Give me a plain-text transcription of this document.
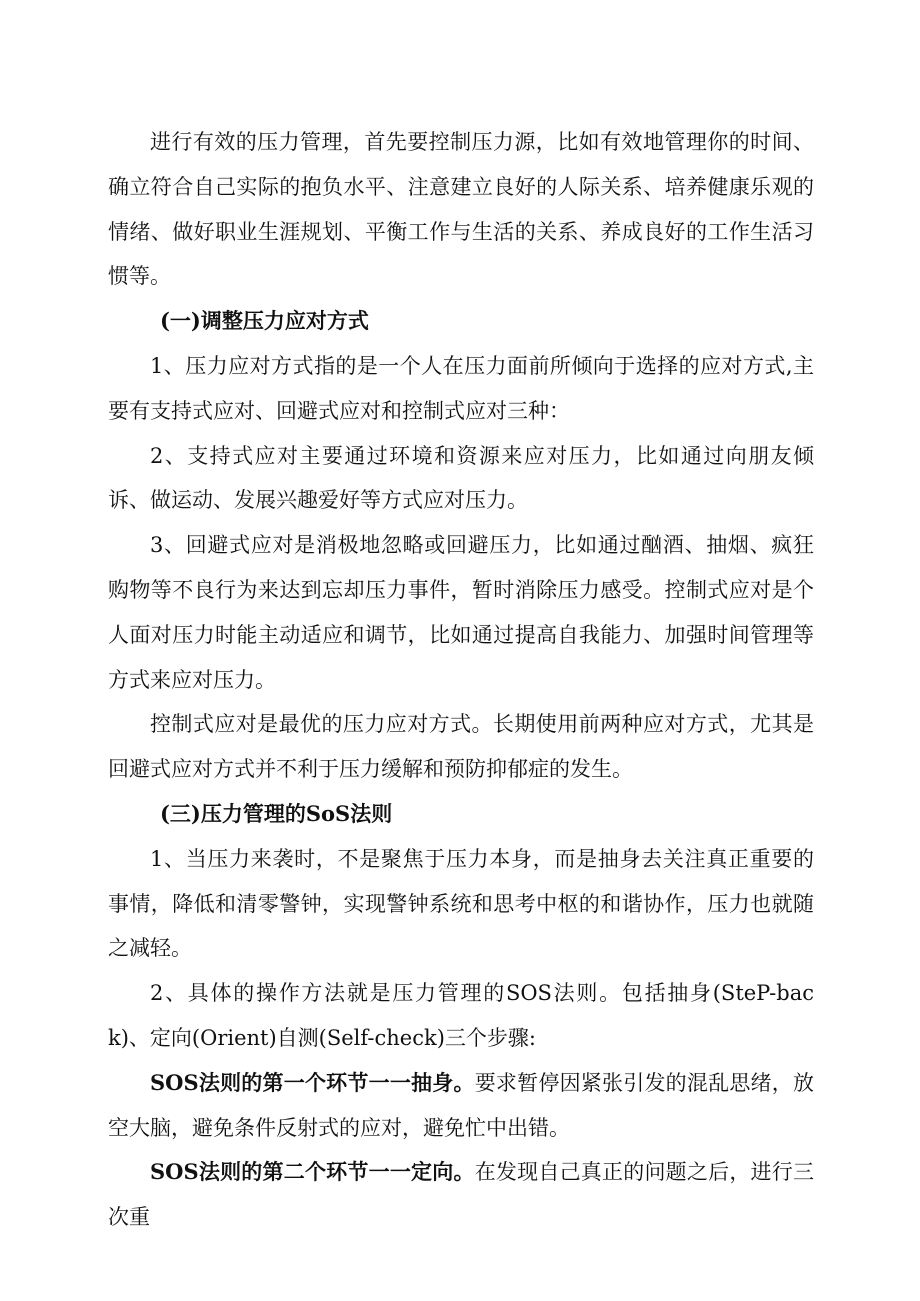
进行有效的压力管理，首先要控制压力源，比如有效地管理你的时间、确立符合自己实际的抱负水平、注意建立良好的人际关系、培养健康乐观的情绪、做好职业生涯规划、平衡工作与生活的关系、养成良好的工作生活习惯等。

(一)调整压力应对方式

1、压力应对方式指的是一个人在压力面前所倾向于选择的应对方式,主要有支持式应对、回避式应对和控制式应对三种：

2、支持式应对主要通过环境和资源来应对压力，比如通过向朋友倾诉、做运动、发展兴趣爱好等方式应对压力。

3、回避式应对是消极地忽略或回避压力，比如通过酗酒、抽烟、疯狂购物等不良行为来达到忘却压力事件，暂时消除压力感受。控制式应对是个人面对压力时能主动适应和调节，比如通过提高自我能力、加强时间管理等方式来应对压力。

控制式应对是最优的压力应对方式。长期使用前两种应对方式，尤其是回避式应对方式并不利于压力缓解和预防抑郁症的发生。

(三)压力管理的SoS法则

1、当压力来袭时，不是聚焦于压力本身，而是抽身去关注真正重要的事情，降低和清零警钟，实现警钟系统和思考中枢的和谐协作，压力也就随之减轻。

2、具体的操作方法就是压力管理的SOS法则。包括抽身(SteP-back)、定向(Orient)自测(Self-check)三个步骤:

SOS法则的第一个环节一一抽身。要求暂停因紧张引发的混乱思绪，放空大脑，避免条件反射式的应对，避免忙中出错。

SOS法则的第二个环节一一定向。在发现自己真正的问题之后，进行三次重
